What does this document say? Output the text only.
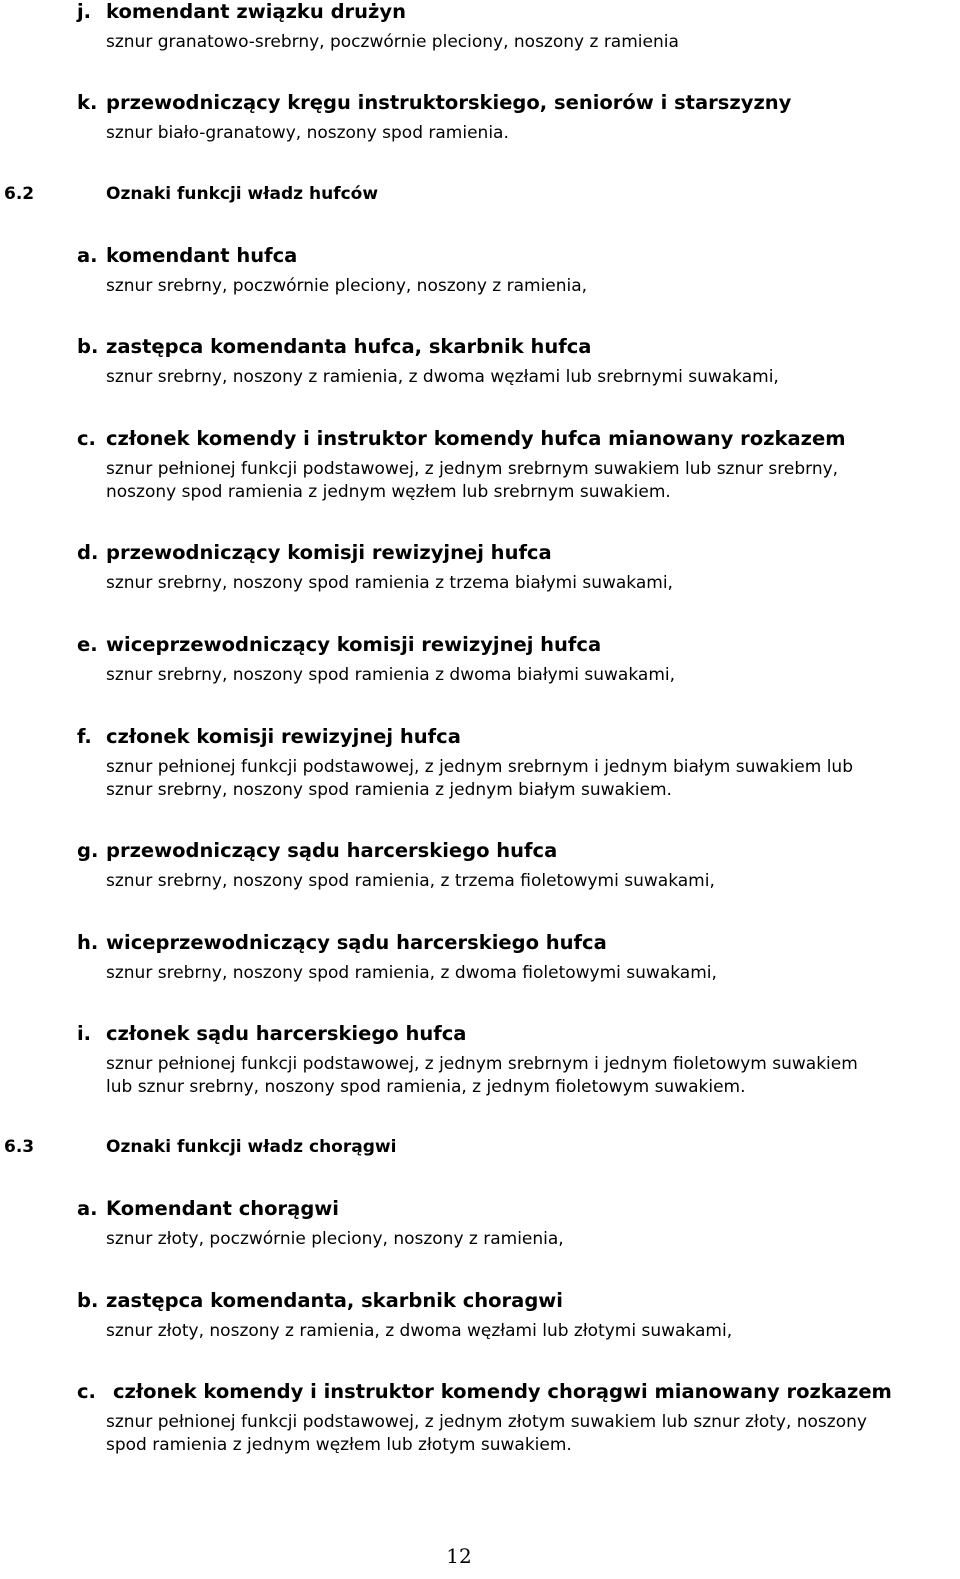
j. komendant związku drużyn
sznur granatowo-srebrny, poczwórnie pleciony, noszony z ramienia
k. przewodniczący kręgu instruktorskiego, seniorów i starszyzny
sznur biało-granatowy, noszony spod ramienia.
6.2	Oznaki funkcji władz hufców
a. komendant hufca
sznur srebrny, poczwórnie pleciony, noszony z ramienia,
b. zastępca komendanta hufca, skarbnik hufca
sznur srebrny, noszony z ramienia, z dwoma węzłami lub srebrnymi suwakami,
c. członek komendy i instruktor komendy hufca mianowany rozkazem
sznur pełnionej funkcji podstawowej, z jednym srebrnym suwakiem lub sznur srebrny,
noszony spod ramienia z jednym węzłem lub srebrnym suwakiem.
d. przewodniczący komisji rewizyjnej hufca
sznur srebrny, noszony spod ramienia z trzema białymi suwakami,
e. wiceprzewodniczący komisji rewizyjnej hufca
sznur srebrny, noszony spod ramienia z dwoma białymi suwakami,
f. członek komisji rewizyjnej hufca
sznur pełnionej funkcji podstawowej, z jednym srebrnym i jednym białym suwakiem lub
sznur srebrny, noszony spod ramienia z jednym białym suwakiem.
g. przewodniczący sądu harcerskiego hufca
sznur srebrny, noszony spod ramienia, z trzema fioletowymi suwakami,
h. wiceprzewodniczący sądu harcerskiego hufca
sznur srebrny, noszony spod ramienia, z dwoma fioletowymi suwakami,
i. członek sądu harcerskiego hufca
sznur pełnionej funkcji podstawowej, z jednym srebrnym i jednym fioletowym suwakiem
lub sznur srebrny, noszony spod ramienia, z jednym fioletowym suwakiem.
6.3	Oznaki funkcji władz chorągwi
a. Komendant chorągwi
sznur złoty, poczwórnie pleciony, noszony z ramienia,
b. zastępca komendanta, skarbnik choragwi
sznur złoty, noszony z ramienia, z dwoma węzłami lub złotymi suwakami,
c. członek komendy i instruktor komendy chorągwi mianowany rozkazem
sznur pełnionej funkcji podstawowej, z jednym złotym suwakiem lub sznur złoty, noszony
spod ramienia z jednym węzłem lub złotym suwakiem.
12
